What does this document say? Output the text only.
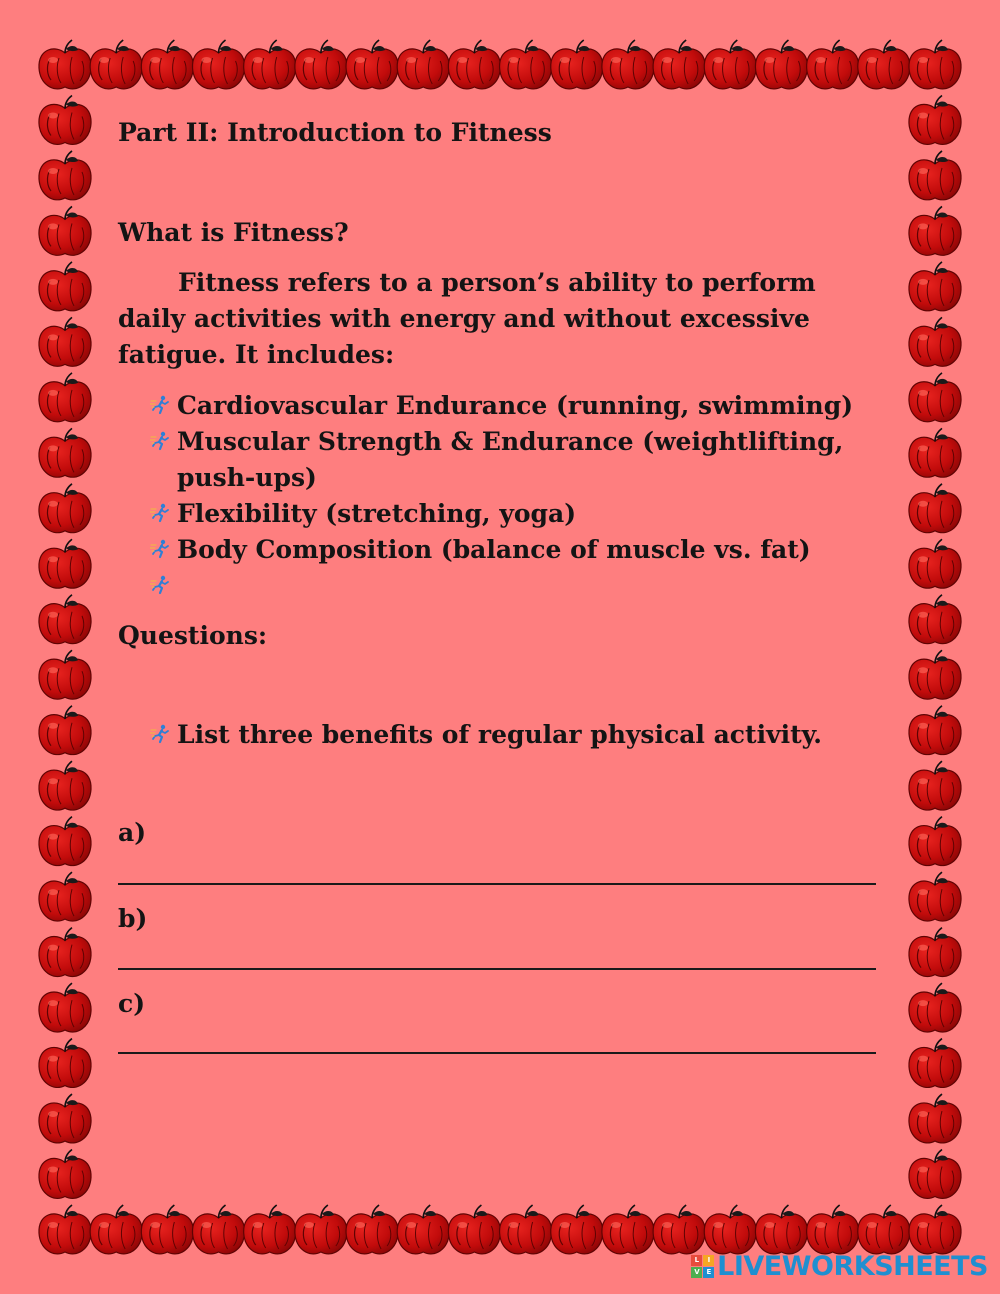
Part II: Introduction to Fitness
What is Fitness?

Fitness refers to a person’s ability to perform daily activities with energy and without excessive fatigue. It includes:

Cardiovascular Endurance (running, swimming)
Muscular Strength & Endurance (weightlifting, push-ups)
Flexibility (stretching, yoga)
Body Composition (balance of muscle vs. fat)
Questions:
List three benefits of regular physical activity.

a)

b)

c)

L	I
V	E LIVEWORKSHEETS
